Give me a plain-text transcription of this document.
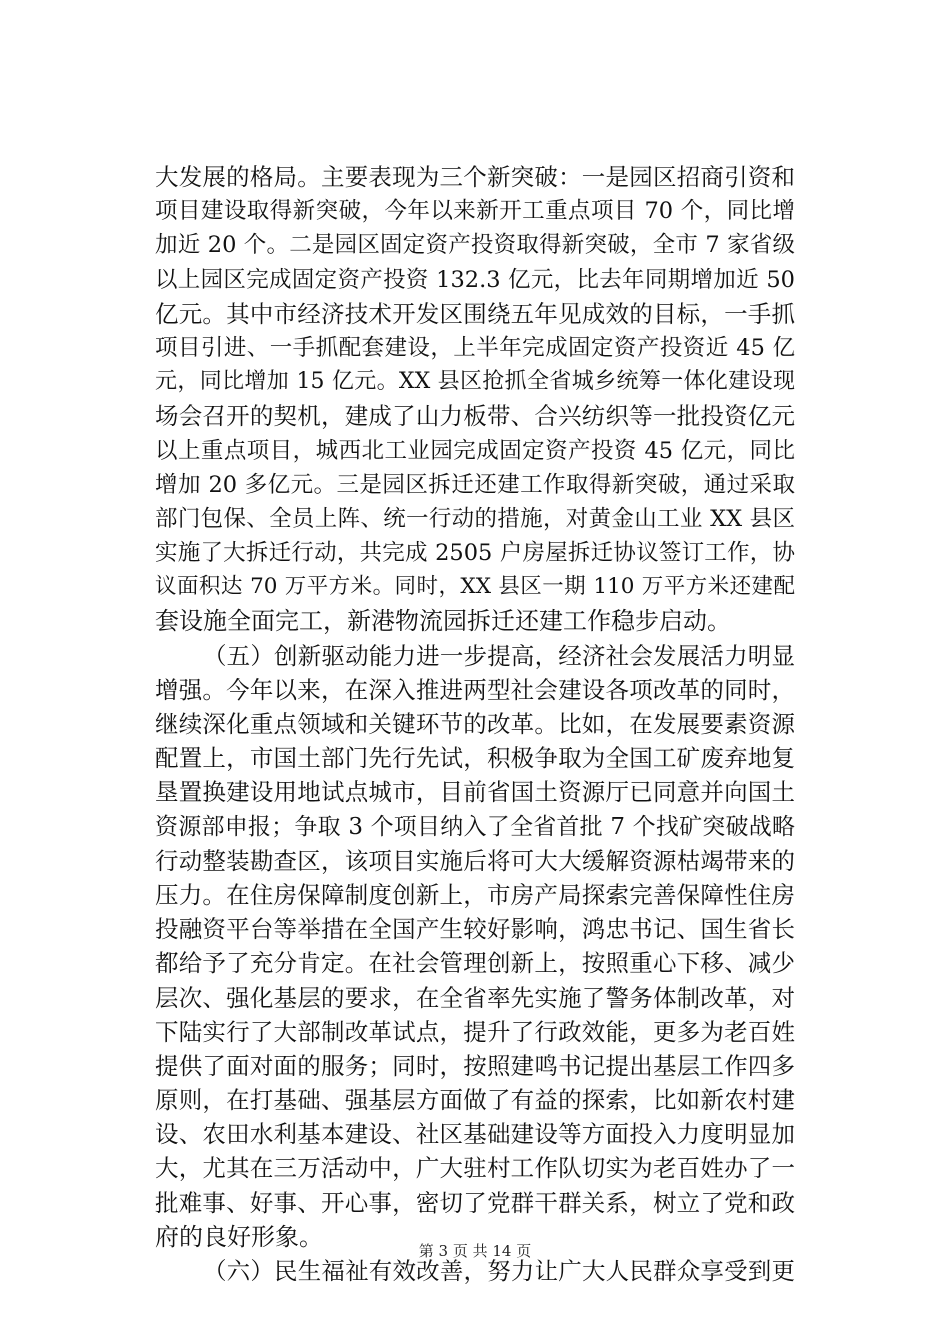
大发展的格局。主要表现为三个新突破：一是园区招商引资和
项目建设取得新突破，今年以来新开工重点项目 70 个，同比增
加近 20 个。二是园区固定资产投资取得新突破，全市 7 家省级
以上园区完成固定资产投资 132.3 亿元，比去年同期增加近 50
亿元。其中市经济技术开发区围绕五年见成效的目标，一手抓
项目引进、一手抓配套建设，上半年完成固定资产投资近 45 亿
元，同比增加 15 亿元。XX 县区抢抓全省城乡统筹一体化建设现
场会召开的契机，建成了山力板带、合兴纺织等一批投资亿元
以上重点项目，城西北工业园完成固定资产投资 45 亿元，同比
增加 20 多亿元。三是园区拆迁还建工作取得新突破，通过采取
部门包保、全员上阵、统一行动的措施，对黄金山工业 XX 县区
实施了大拆迁行动，共完成 2505 户房屋拆迁协议签订工作，协
议面积达 70 万平方米。同时，XX 县区一期 110 万平方米还建配
套设施全面完工，新港物流园拆迁还建工作稳步启动。
（五）创新驱动能力进一步提高，经济社会发展活力明显
增强。今年以来，在深入推进两型社会建设各项改革的同时，
继续深化重点领域和关键环节的改革。比如，在发展要素资源
配置上，市国土部门先行先试，积极争取为全国工矿废弃地复
垦置换建设用地试点城市，目前省国土资源厅已同意并向国土
资源部申报；争取 3 个项目纳入了全省首批 7 个找矿突破战略
行动整装勘查区，该项目实施后将可大大缓解资源枯竭带来的
压力。在住房保障制度创新上，市房产局探索完善保障性住房
投融资平台等举措在全国产生较好影响，鸿忠书记、国生省长
都给予了充分肯定。在社会管理创新上，按照重心下移、减少
层次、强化基层的要求，在全省率先实施了警务体制改革，对
下陆实行了大部制改革试点，提升了行政效能，更多为老百姓
提供了面对面的服务；同时，按照建鸣书记提出基层工作四多
原则，在打基础、强基层方面做了有益的探索，比如新农村建
设、农田水利基本建设、社区基础建设等方面投入力度明显加
大，尤其在三万活动中，广大驻村工作队切实为老百姓办了一
批难事、好事、开心事，密切了党群干群关系，树立了党和政
府的良好形象。
（六）民生福祉有效改善，努力让广大人民群众享受到更
第 3 页 共 14 页
